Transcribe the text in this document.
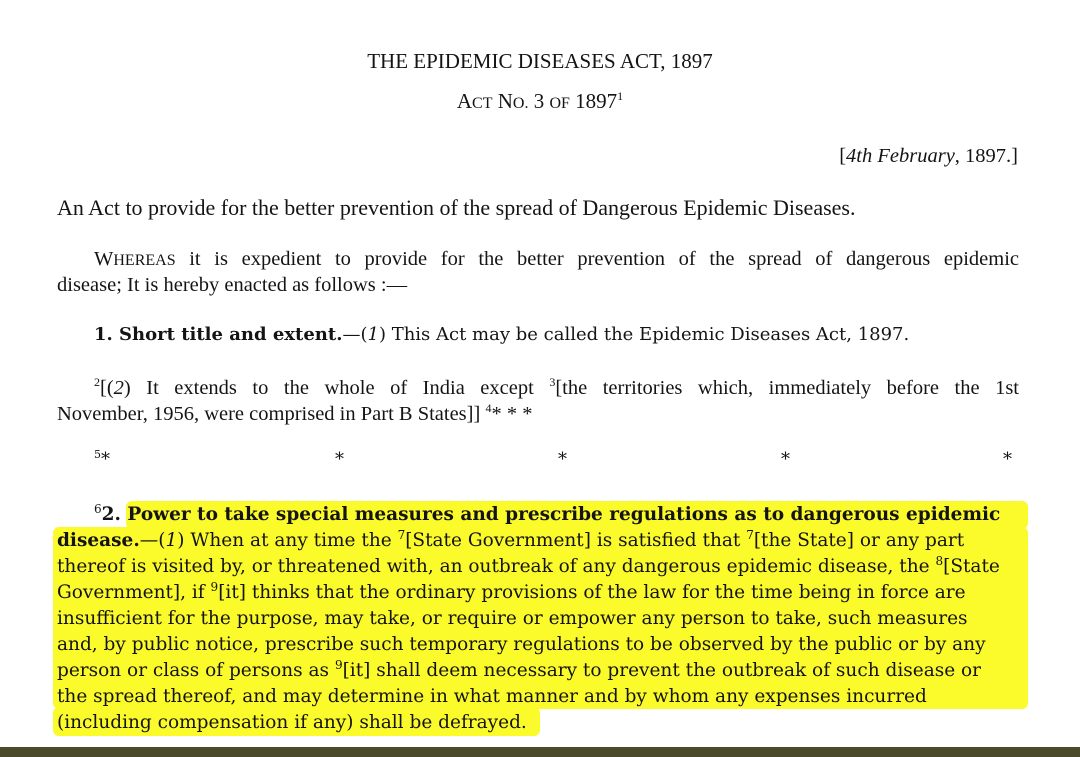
THE EPIDEMIC DISEASES ACT, 1897
ACT NO. 3 OF 1897$^1$
[4th February, 1897.]
An Act to provide for the better prevention of the spread of Dangerous Epidemic Diseases.
WHEREAS it is expedient to provide for the better prevention of the spread of dangerous epidemic
disease; It is hereby enacted as follows :—
1. Short title and extent.—(1) This Act may be called the Epidemic Diseases Act, 1897.
$^2$[(2) It extends to the whole of India except $^3$[the territories which, immediately before the 1st
November, 1956, were comprised in Part B States]] $^4$* * *
$^5$*	*	*	*	*
$^6$2. Power to take special measures and prescribe regulations as to dangerous epidemic
disease.—(1) When at any time the $^7$[State Government] is satisfied that $^7$[the State] or any part
thereof is visited by, or threatened with, an outbreak of any dangerous epidemic disease, the $^8$[State
Government], if $^9$[it] thinks that the ordinary provisions of the law for the time being in force are
insufficient for the purpose, may take, or require or empower any person to take, such measures
and, by public notice, prescribe such temporary regulations to be observed by the public or by any
person or class of persons as $^9$[it] shall deem necessary to prevent the outbreak of such disease or
the spread thereof, and may determine in what manner and by whom any expenses incurred
(including compensation if any) shall be defrayed.
